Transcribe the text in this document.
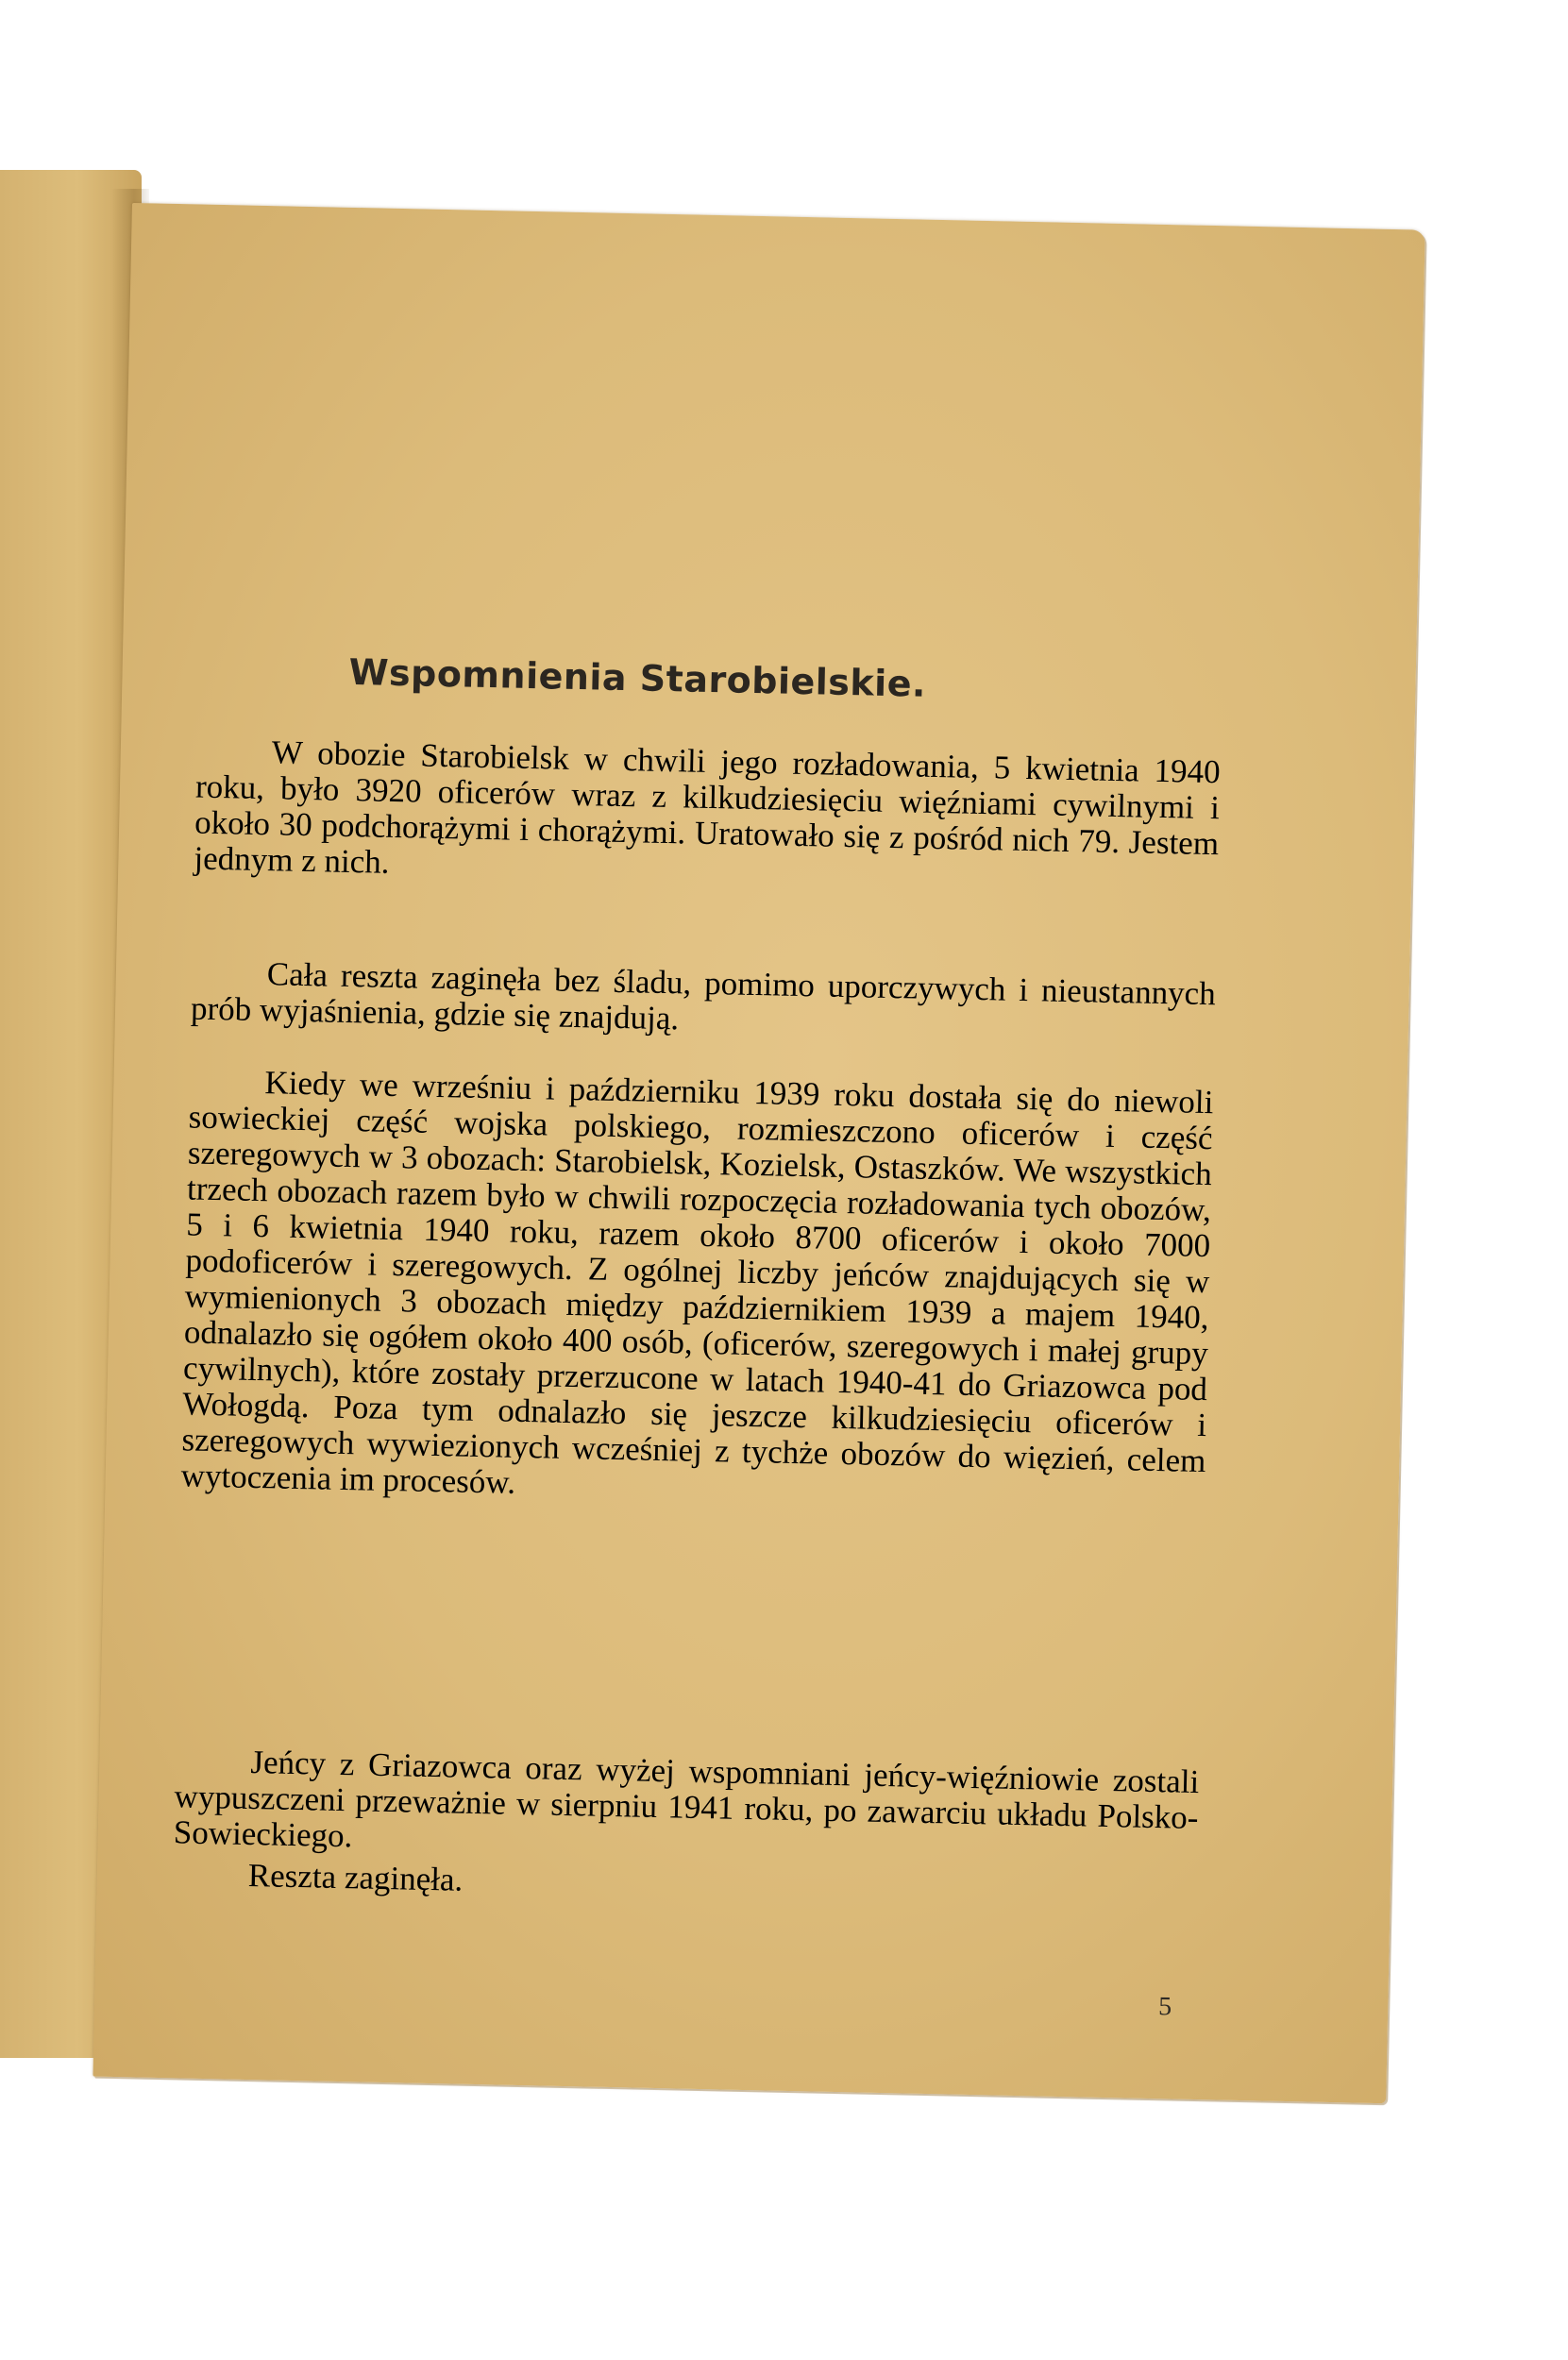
Wspomnienia Starobielskie.

W obozie Starobielsk w chwili jego rozładowania, 5 kwietnia 1940 roku, było 3920 oficerów wraz z kilkudziesięciu więźniami cywilnymi i około 30 podchorążymi i chorążymi. Uratowało się z pośród nich 79. Jestem jednym z nich.

Cała reszta zaginęła bez śladu, pomimo uporczywych i nieustannych prób wyjaśnienia, gdzie się znajdują.

Kiedy we wrześniu i październiku 1939 roku dostała się do niewoli sowieckiej część wojska polskiego, rozmieszczono oficerów i część szeregowych w 3 obozach: Starobielsk, Kozielsk, Ostaszków. We wszystkich trzech obozach razem było w chwili rozpoczęcia rozładowania tych obozów, 5 i 6 kwietnia 1940 roku, razem około 8700 oficerów i około 7000 podoficerów i szeregowych. Z ogólnej liczby jeńców znajdujących się w wymienionych 3 obozach między październikiem 1939 a majem 1940, odnalazło się ogółem około 400 osób, (oficerów, szeregowych i małej grupy cywilnych), które zostały przerzucone w latach 1940-41 do Griazowca pod Wołogdą. Poza tym odnalazło się jeszcze kilkudziesięciu oficerów i szeregowych wywiezionych wcześniej z tychże obozów do więzień, celem wytoczenia im procesów.

Jeńcy z Griazowca oraz wyżej wspomniani jeńcy-więźniowie zostali wypuszczeni przeważnie w sierpniu 1941 roku, po zawarciu układu Polsko-Sowieckiego.

Reszta zaginęła.

5
